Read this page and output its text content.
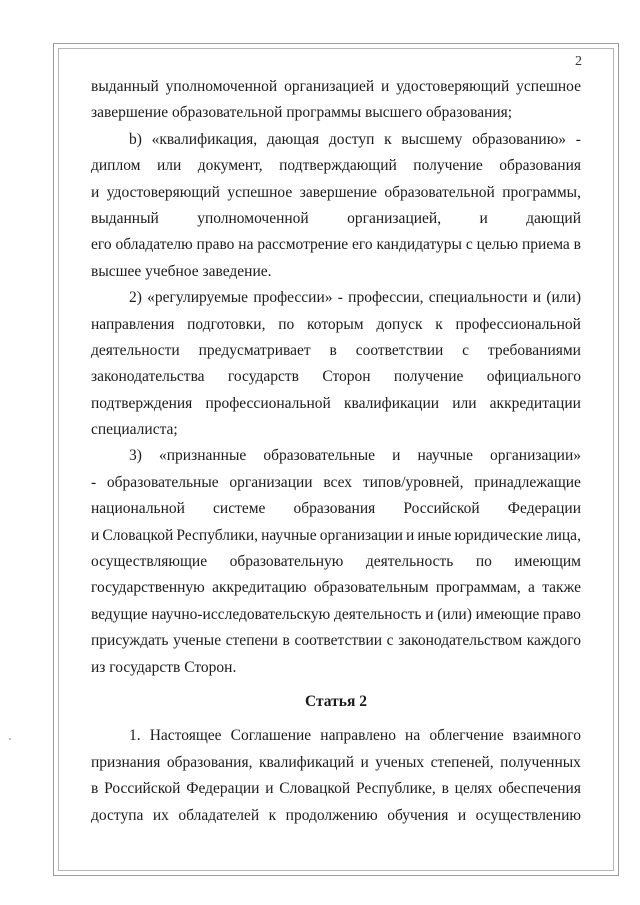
2
выданный уполномоченной организацией и удостоверяющий успешное
завершение образовательной программы высшего образования;
b) «квалификация, дающая доступ к высшему образованию» -
диплом или документ, подтверждающий получение образования
и удостоверяющий успешное завершение образовательной программы,
выданный уполномоченной организацией, и дающий
его обладателю право на рассмотрение его кандидатуры с целью приема в
высшее учебное заведение.
2) «регулируемые профессии» - профессии, специальности и (или)
направления подготовки, по которым допуск к профессиональной
деятельности предусматривает в соответствии с требованиями
законодательства государств Сторон получение официального
подтверждения профессиональной квалификации или аккредитации
специалиста;
3) «признанные образовательные и научные организации»
- образовательные организации всех типов/уровней, принадлежащие
национальной системе образования Российской Федерации
и Словацкой Республики, научные организации и иные юридические лица,
осуществляющие образовательную деятельность по имеющим
государственную аккредитацию образовательным программам, а также
ведущие научно-исследовательскую деятельность и (или) имеющие право
присуждать ученые степени в соответствии с законодательством каждого
из государств Сторон.
Статья 2
1. Настоящее Соглашение направлено на облегчение взаимного
признания образования, квалификаций и ученых степеней, полученных
в Российской Федерации и Словацкой Республике, в целях обеспечения
доступа их обладателей к продолжению обучения и осуществлению
